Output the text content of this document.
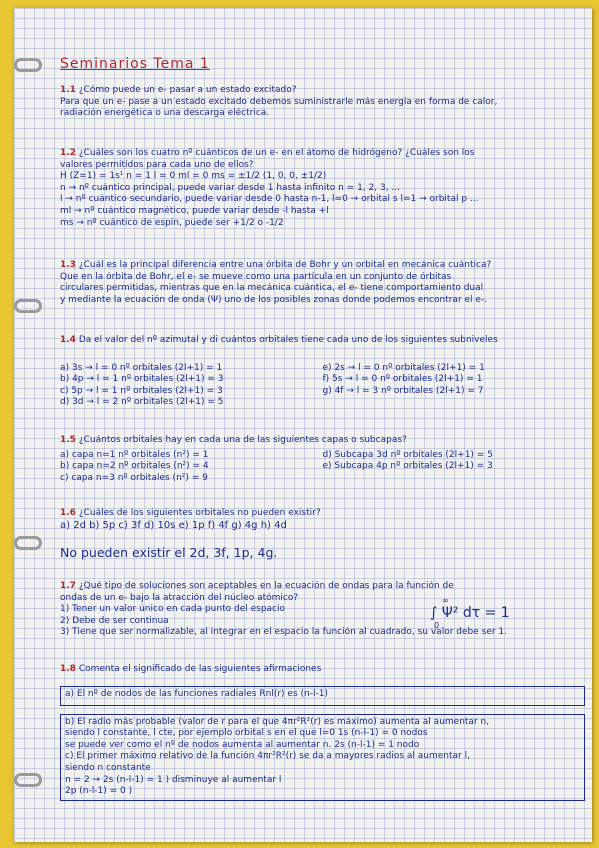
Seminarios Tema 1
1.1 ¿Cómo puede un e- pasar a un estado excitado?
Para que un e- pase a un estado excitado debemos suministrarle más energía en forma de calor,
radiación energética o una descarga eléctrica.
1.2 ¿Cuáles son los cuatro nº cuánticos de un e- en el átomo de hidrógeno? ¿Cuáles son los
valores permitidos para cada uno de ellos?
H (Z=1) = 1s¹ n = 1 l = 0 ml = 0 ms = ±1/2 (1, 0, 0, ±1/2)
n → nº cuántico principal, puede variar desde 1 hasta infinito n = 1, 2, 3, ...
l → nº cuántico secundario, puede variar desde 0 hasta n-1, l=0 → orbital s l=1 → orbital p ...
ml → nº cuántico magnético, puede variar desde -l hasta +l
ms → nº cuántico de espín, puede ser +1/2 o -1/2
1.3 ¿Cuál es la principal diferencia entre una órbita de Bohr y un orbital en mecánica cuántica?
Que en la órbita de Bohr, el e- se mueve como una partícula en un conjunto de órbitas
circulares permitidas, mientras que en la mecánica cuántica, el e- tiene comportamiento dual
y mediante la ecuación de onda (Ψ) uno de los posibles zonas donde podemos encontrar el e-.
1.4 Da el valor del nº azimutal y di cuántos orbitales tiene cada uno de los siguientes subniveles
a) 3s → l = 0 nº orbitales (2l+1) = 1
b) 4p → l = 1 nº orbitales (2l+1) = 3
c) 5p → l = 1 nº orbitales (2l+1) = 3
d) 3d → l = 2 nº orbitales (2l+1) = 5
e) 2s → l = 0 nº orbitales (2l+1) = 1
f) 5s → l = 0 nº orbitales (2l+1) = 1
g) 4f → l = 3 nº orbitales (2l+1) = 7
1.5 ¿Cuántos orbitales hay en cada una de las siguientes capas o subcapas?
a) capa n=1 nº orbitales (n²) = 1
b) capa n=2 nº orbitales (n²) = 4
c) capa n=3 nº orbitales (n²) = 9
d) Subcapa 3d nº orbitales (2l+1) = 5
e) Subcapa 4p nº orbitales (2l+1) = 3
1.6 ¿Cuáles de los siguientes orbitales no pueden existir?
a) 2d b) 5p c) 3f d) 10s e) 1p f) 4f g) 4g h) 4d
No pueden existir el 2d, 3f, 1p, 4g.
1.7 ¿Qué tipo de soluciones son aceptables en la ecuación de ondas para la función de
ondas de un e- bajo la atracción del núcleo atómico?
1) Tener un valor único en cada punto del espacio
2) Debe de ser continua
3) Tiene que ser normalizable, al integrar en el espacio la función al cuadrado, su valor debe ser 1.
∞
∫ Ψ² dτ = 1
0
1.8 Comenta el significado de las siguientes afirmaciones
a) El nº de nodos de las funciones radiales Rnl(r) es (n-l-1)
b) El radio más probable (valor de r para el que 4πr²R²(r) es máximo) aumenta al aumentar n,
siendo l constante, l cte, por ejemplo orbital s en el que l=0 1s (n-l-1) = 0 nodos
se puede ver como el nº de nodos aumenta al aumentar n. 2s (n-l-1) = 1 nodo
c) El primer máximo relativo de la función 4πr²R²(r) se da a mayores radios al aumentar l,
siendo n constante
n = 2 → 2s (n-l-1) = 1 ) disminuye al aumentar l
2p (n-l-1) = 0 )
